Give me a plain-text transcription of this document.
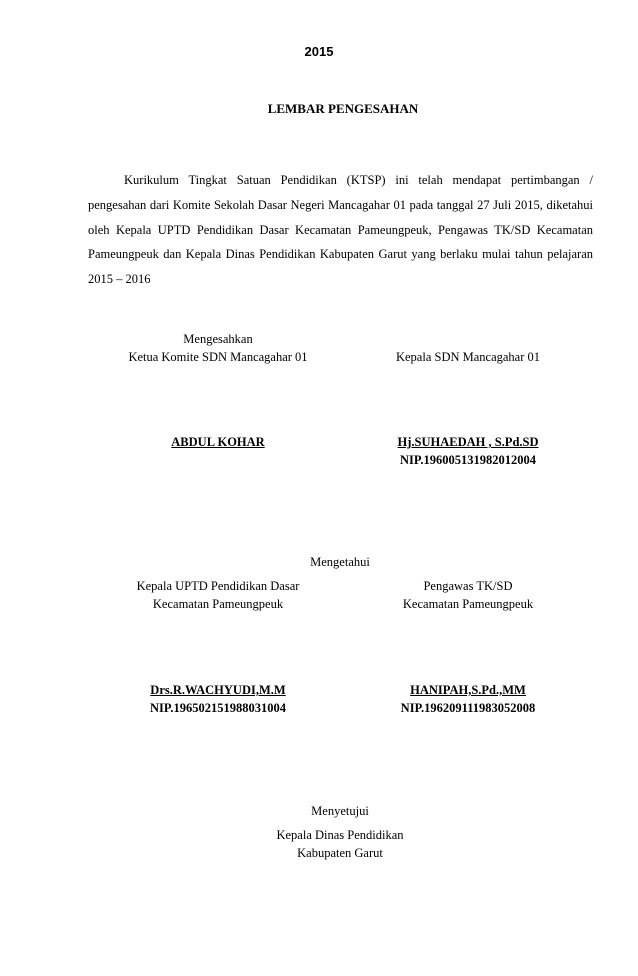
2015
LEMBAR PENGESAHAN
Kurikulum Tingkat Satuan Pendidikan (KTSP) ini telah mendapat pertimbangan / pengesahan dari Komite Sekolah Dasar Negeri Mancagahar 01 pada tanggal 27 Juli 2015, diketahui oleh Kepala UPTD Pendidikan Dasar Kecamatan Pameungpeuk, Pengawas TK/SD Kecamatan Pameungpeuk dan Kepala Dinas Pendidikan Kabupaten Garut yang berlaku mulai tahun pelajaran 2015 – 2016
Mengesahkan
Ketua Komite SDN Mancagahar 01	Kepala SDN Mancagahar 01
ABDUL KOHAR	Hj.SUHAEDAH , S.Pd.SD
NIP.196005131982012004
Mengetahui
Kepala UPTD Pendidikan Dasar
Kecamatan Pameungpeuk
Pengawas TK/SD
Kecamatan Pameungpeuk
Drs.R.WACHYUDI,M.M
NIP.196502151988031004
HANIPAH,S.Pd.,MM
NIP.196209111983052008
Menyetujui
Kepala Dinas Pendidikan
Kabupaten Garut
